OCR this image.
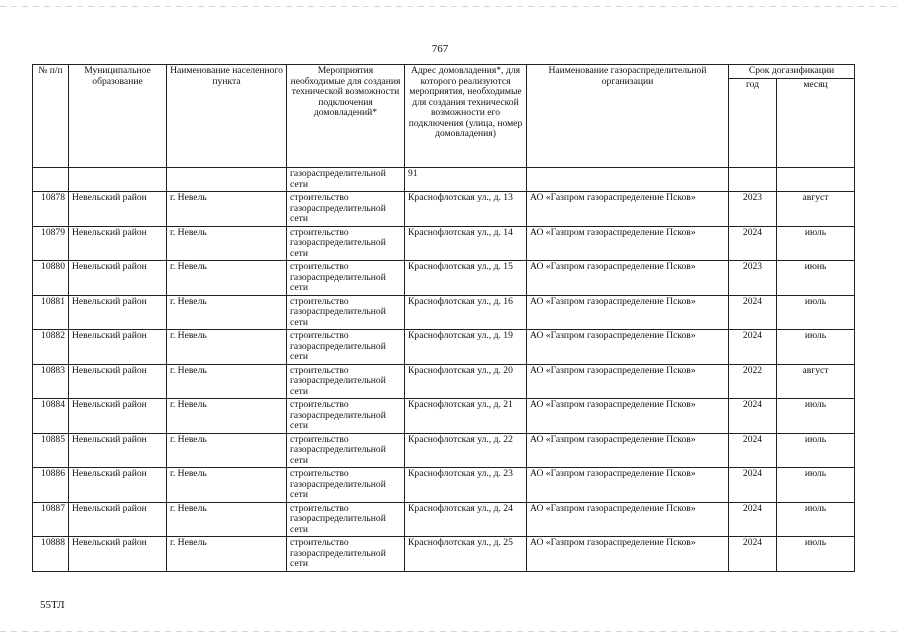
767
№ п/п	Муниципальное образование	Наименование населенного пункта	Мероприятия необходимые для создания технической возможности подключения домовладений*	Адрес домовладения*, для которого реализуются мероприятия, необходимые для создания технической возможности его подключения (улица, номер домовладения)	Наименование газораспределительной организации	Срок догазификации	
						год	месяц
			газораспределительной сети	91			
10878	Невельский район	г. Невель	строительство газораспределительной сети	Краснофлотская ул., д. 13	АО «Газпром газораспределение Псков»	2023	август
10879	Невельский район	г. Невель	строительство газораспределительной сети	Краснофлотская ул., д. 14	АО «Газпром газораспределение Псков»	2024	июль
10880	Невельский район	г. Невель	строительство газораспределительной сети	Краснофлотская ул., д. 15	АО «Газпром газораспределение Псков»	2023	июнь
10881	Невельский район	г. Невель	строительство газораспределительной сети	Краснофлотская ул., д. 16	АО «Газпром газораспределение Псков»	2024	июль
10882	Невельский район	г. Невель	строительство газораспределительной сети	Краснофлотская ул., д. 19	АО «Газпром газораспределение Псков»	2024	июль
10883	Невельский район	г. Невель	строительство газораспределительной сети	Краснофлотская ул., д. 20	АО «Газпром газораспределение Псков»	2022	август
10884	Невельский район	г. Невель	строительство газораспределительной сети	Краснофлотская ул., д. 21	АО «Газпром газораспределение Псков»	2024	июль
10885	Невельский район	г. Невель	строительство газораспределительной сети	Краснофлотская ул., д. 22	АО «Газпром газораспределение Псков»	2024	июль
10886	Невельский район	г. Невель	строительство газораспределительной сети	Краснофлотская ул., д. 23	АО «Газпром газораспределение Псков»	2024	июль
10887	Невельский район	г. Невель	строительство газораспределительной сети	Краснофлотская ул., д. 24	АО «Газпром газораспределение Псков»	2024	июль
10888	Невельский район	г. Невель	строительство газораспределительной сети	Краснофлотская ул., д. 25	АО «Газпром газораспределение Псков»	2024	июль
55ТЛ
